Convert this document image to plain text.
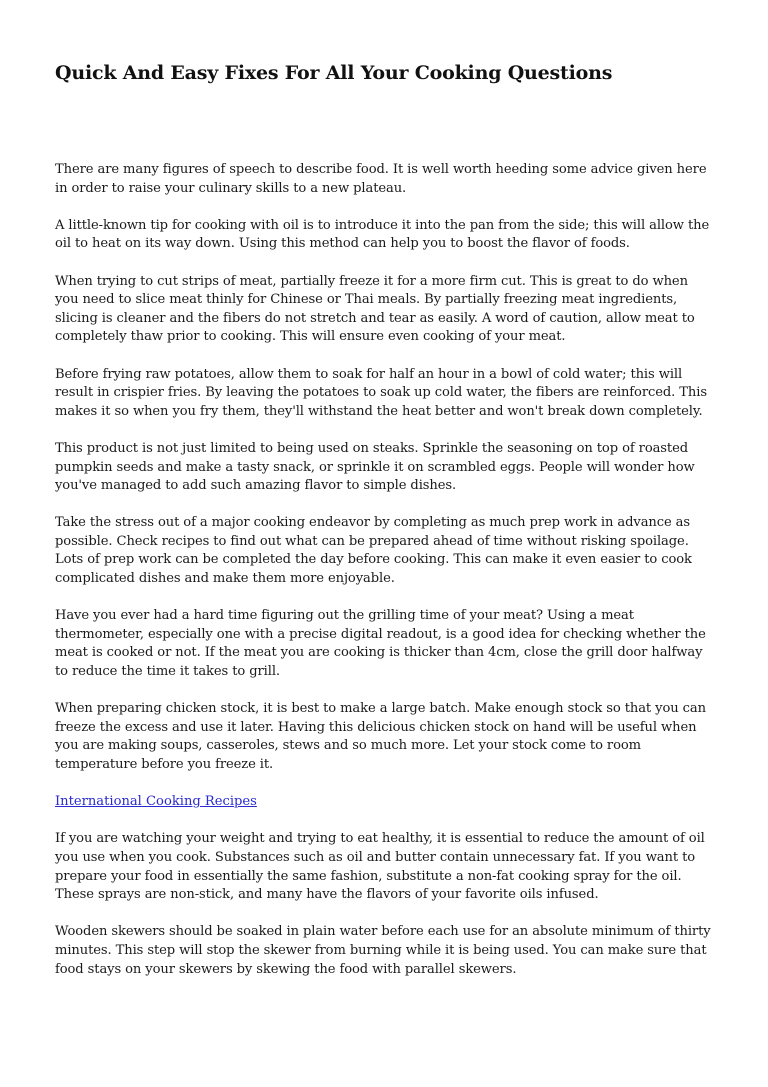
Quick And Easy Fixes For All Your Cooking Questions

There are many figures of speech to describe food. It is well worth heeding some advice given here in order to raise your culinary skills to a new plateau.

A little-known tip for cooking with oil is to introduce it into the pan from the side; this will allow the oil to heat on its way down. Using this method can help you to boost the flavor of foods.

When trying to cut strips of meat, partially freeze it for a more firm cut. This is great to do when you need to slice meat thinly for Chinese or Thai meals. By partially freezing meat ingredients, slicing is cleaner and the fibers do not stretch and tear as easily. A word of caution, allow meat to completely thaw prior to cooking. This will ensure even cooking of your meat.

Before frying raw potatoes, allow them to soak for half an hour in a bowl of cold water; this will result in crispier fries. By leaving the potatoes to soak up cold water, the fibers are reinforced. This makes it so when you fry them, they'll withstand the heat better and won't break down completely.

This product is not just limited to being used on steaks. Sprinkle the seasoning on top of roasted pumpkin seeds and make a tasty snack, or sprinkle it on scrambled eggs. People will wonder how you've managed to add such amazing flavor to simple dishes.

Take the stress out of a major cooking endeavor by completing as much prep work in advance as possible. Check recipes to find out what can be prepared ahead of time without risking spoilage. Lots of prep work can be completed the day before cooking. This can make it even easier to cook complicated dishes and make them more enjoyable.

Have you ever had a hard time figuring out the grilling time of your meat? Using a meat thermometer, especially one with a precise digital readout, is a good idea for checking whether the meat is cooked or not. If the meat you are cooking is thicker than 4cm, close the grill door halfway to reduce the time it takes to grill.

When preparing chicken stock, it is best to make a large batch. Make enough stock so that you can freeze the excess and use it later. Having this delicious chicken stock on hand will be useful when you are making soups, casseroles, stews and so much more. Let your stock come to room temperature before you freeze it.

International Cooking Recipes

If you are watching your weight and trying to eat healthy, it is essential to reduce the amount of oil you use when you cook. Substances such as oil and butter contain unnecessary fat. If you want to prepare your food in essentially the same fashion, substitute a non-fat cooking spray for the oil. These sprays are non-stick, and many have the flavors of your favorite oils infused.

Wooden skewers should be soaked in plain water before each use for an absolute minimum of thirty minutes. This step will stop the skewer from burning while it is being used. You can make sure that food stays on your skewers by skewing the food with parallel skewers.
